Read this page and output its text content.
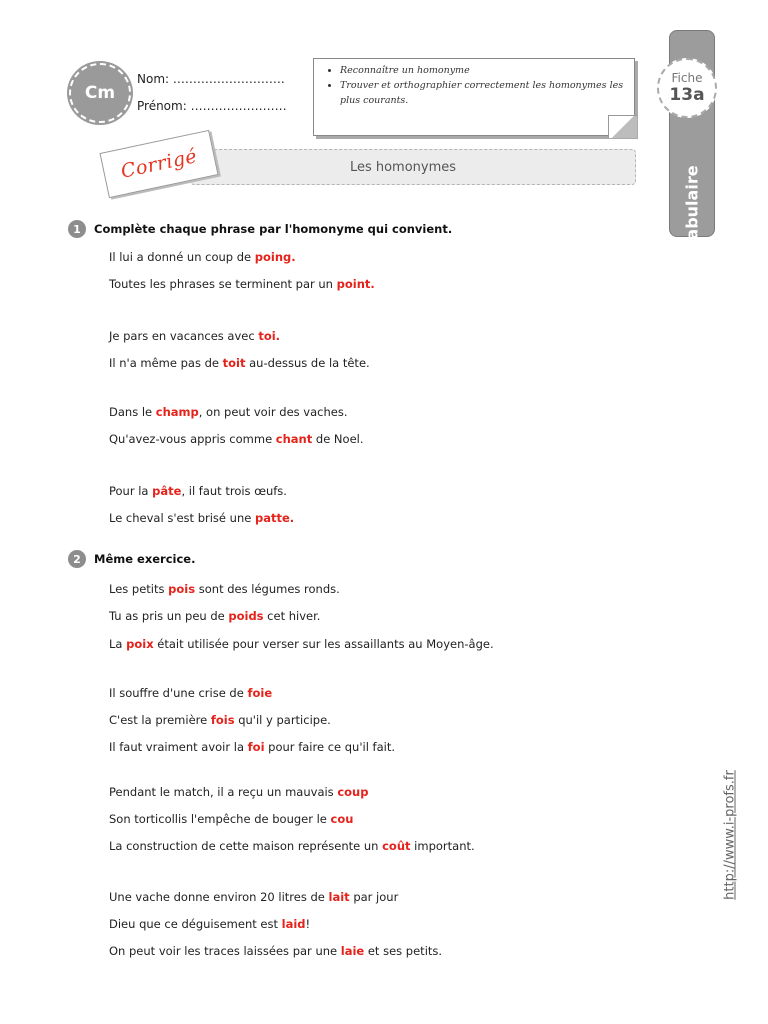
Cm
Nom: ……………………….
Prénom: ……………………
• Reconnaître un homonyme
• Trouver et orthographier correctement les homonymes les plus courants.
Vocabulaire
Fiche
13a
Les homonymes
Corrigé
1	Complète chaque phrase par l'homonyme qui convient.
Il lui a donné un coup de poing.
Toutes les phrases se terminent par un point.
Je pars en vacances avec toi.
Il n'a même pas de toit au-dessus de la tête.
Dans le champ, on peut voir des vaches.
Qu'avez-vous appris comme chant de Noel.
Pour la pâte, il faut trois œufs.
Le cheval s'est brisé une patte.
2	Même exercice.
Les petits pois sont des légumes ronds.
Tu as pris un peu de poids cet hiver.
La poix était utilisée pour verser sur les assaillants au Moyen-âge.
Il souffre d'une crise de foie
C'est la première fois qu'il y participe.
Il faut vraiment avoir la foi pour faire ce qu'il fait.
Pendant le match, il a reçu un mauvais coup
Son torticollis l'empêche de bouger le cou
La construction de cette maison représente un coût important.
Une vache donne environ 20 litres de lait par jour
Dieu que ce déguisement est laid!
On peut voir les traces laissées par une laie et ses petits.
http://www.i-profs.fr
